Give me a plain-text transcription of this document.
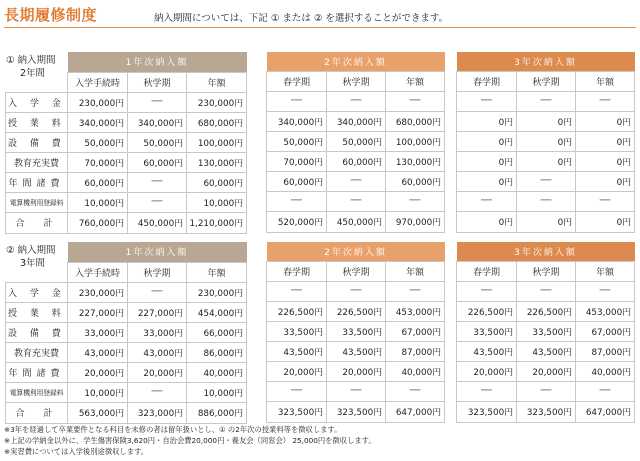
長期履修制度	納入期間については、下記 ① または ② を選択することができます。
① 納入期間
2年間
	1年次納入額		
	入学手続時	秋学期	年額
入 学 金	230,000円	──	230,000円
授 業 料	340,000円	340,000円	680,000円
設 備 費	50,000円	50,000円	100,000円
教育充実費	70,000円	60,000円	130,000円
年間諸費	60,000円	──	60,000円
電算機利用登録料	10,000円	──	10,000円
合　計	760,000円	450,000円	1,210,000円
2年次納入額		
春学期	秋学期	年額
──	──	──
340,000円	340,000円	680,000円
50,000円	50,000円	100,000円
70,000円	60,000円	130,000円
60,000円	──	60,000円
──	──	──
520,000円	450,000円	970,000円
3年次納入額		
春学期	秋学期	年額
──	──	──
0円	0円	0円
0円	0円	0円
0円	0円	0円
0円	──	0円
──	──	──
0円	0円	0円
② 納入期間
3年間
	1年次納入額		
	入学手続時	秋学期	年額
入 学 金	230,000円	──	230,000円
授 業 料	227,000円	227,000円	454,000円
設 備 費	33,000円	33,000円	66,000円
教育充実費	43,000円	43,000円	86,000円
年間諸費	20,000円	20,000円	40,000円
電算機利用登録料	10,000円	──	10,000円
合　計	563,000円	323,000円	886,000円
2年次納入額		
春学期	秋学期	年額
──	──	──
226,500円	226,500円	453,000円
33,500円	33,500円	67,000円
43,500円	43,500円	87,000円
20,000円	20,000円	40,000円
──	──	──
323,500円	323,500円	647,000円
3年次納入額		
春学期	秋学期	年額
──	──	──
226,500円	226,500円	453,000円
33,500円	33,500円	67,000円
43,500円	43,500円	87,000円
20,000円	20,000円	40,000円
──	──	──
323,500円	323,500円	647,000円
※3年を経過して卒業要件となる科目を未修の者は留年扱いとし、① の2年次の授業料等を徴収します。
※上記の学納金以外に、学生傷害保険3,620円・自治会費20,000円・養友会（同窓会） 25,000円を徴収します。
※実習費については入学後別途徴収します。
